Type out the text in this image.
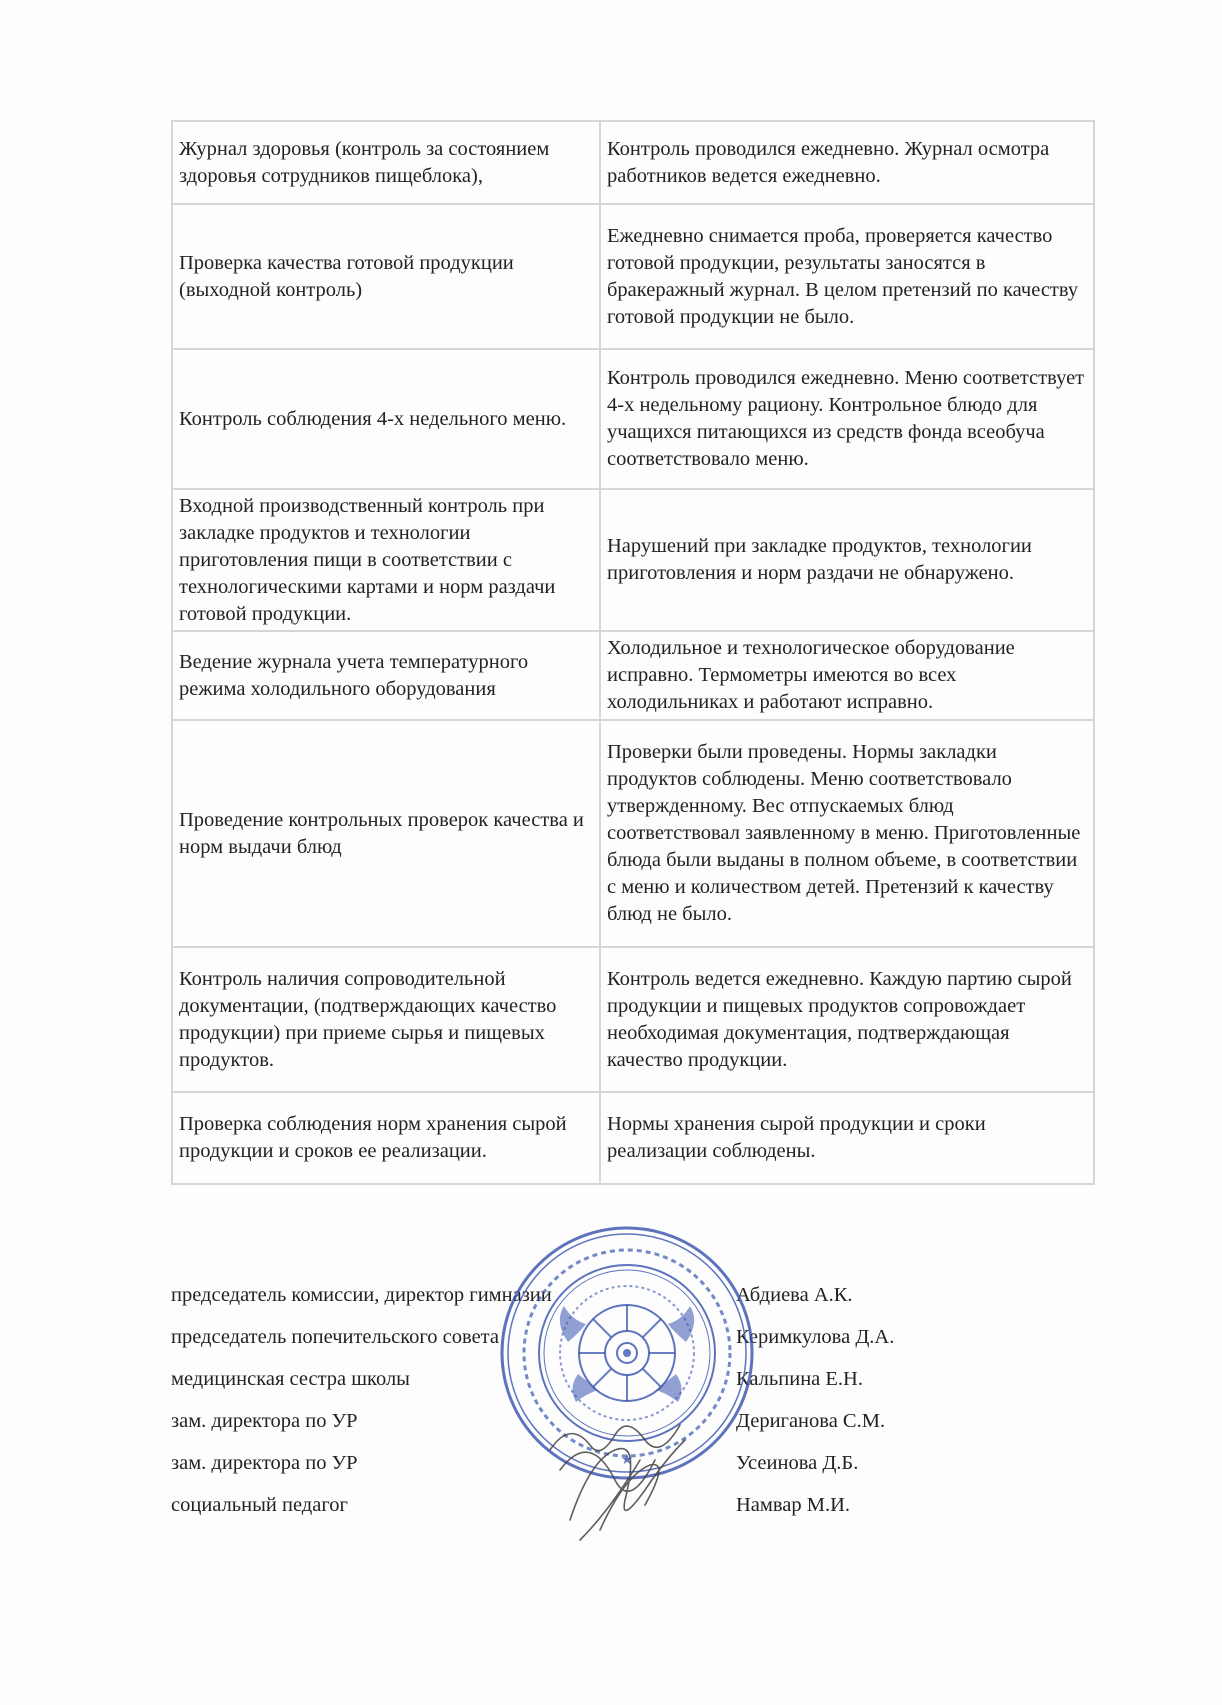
Журнал здоровья (контроль за состоянием здоровья сотрудников пищеблока),	Контроль проводился ежедневно. Журнал осмотра работников ведется ежедневно.
Проверка качества готовой продукции (выходной контроль)	Ежедневно снимается проба, проверяется качество готовой продукции, результаты заносятся в бракеражный журнал. В целом претензий по качеству готовой продукции не было.
Контроль соблюдения 4-х недельного меню.	Контроль проводился ежедневно. Меню соответствует 4-х недельному рациону. Контрольное блюдо для учащихся питающихся из средств фонда всеобуча соответствовало меню.
Входной производственный контроль при закладке продуктов и технологии приготовления пищи в соответствии с технологическими картами и норм раздачи готовой продукции.	Нарушений при закладке продуктов, технологии приготовления и норм раздачи не обнаружено.
Ведение журнала учета температурного режима холодильного оборудования	Холодильное и технологическое оборудование исправно. Термометры имеются во всех холодильниках и работают исправно.
Проведение контрольных проверок качества и норм выдачи блюд	Проверки были проведены. Нормы закладки продуктов соблюдены. Меню соответствовало утвержденному. Вес отпускаемых блюд соответствовал заявленному в меню. Приготовленные блюда были выданы в полном объеме, в соответствии с меню и количеством детей. Претензий к качеству блюд не было.
Контроль наличия сопроводительной документации, (подтверждающих качество продукции) при приеме сырья и пищевых продуктов.	Контроль ведется ежедневно. Каждую партию сырой продукции и пищевых продуктов сопровождает необходимая документация, подтверждающая качество продукции.
Проверка соблюдения норм хранения сырой продукции и сроков ее реализации.	Нормы хранения сырой продукции и сроки реализации соблюдены.
председатель комиссии, директор гимназии	Абдиева А.К.
председатель попечительского совета	Керимкулова Д.А.
медицинская сестра школы	Кальпина Е.Н.
зам. директора по УР	Дериганова С.М.
зам. директора по УР	Усеинова Д.Б.
социальный педагог	Намвар М.И.
★
